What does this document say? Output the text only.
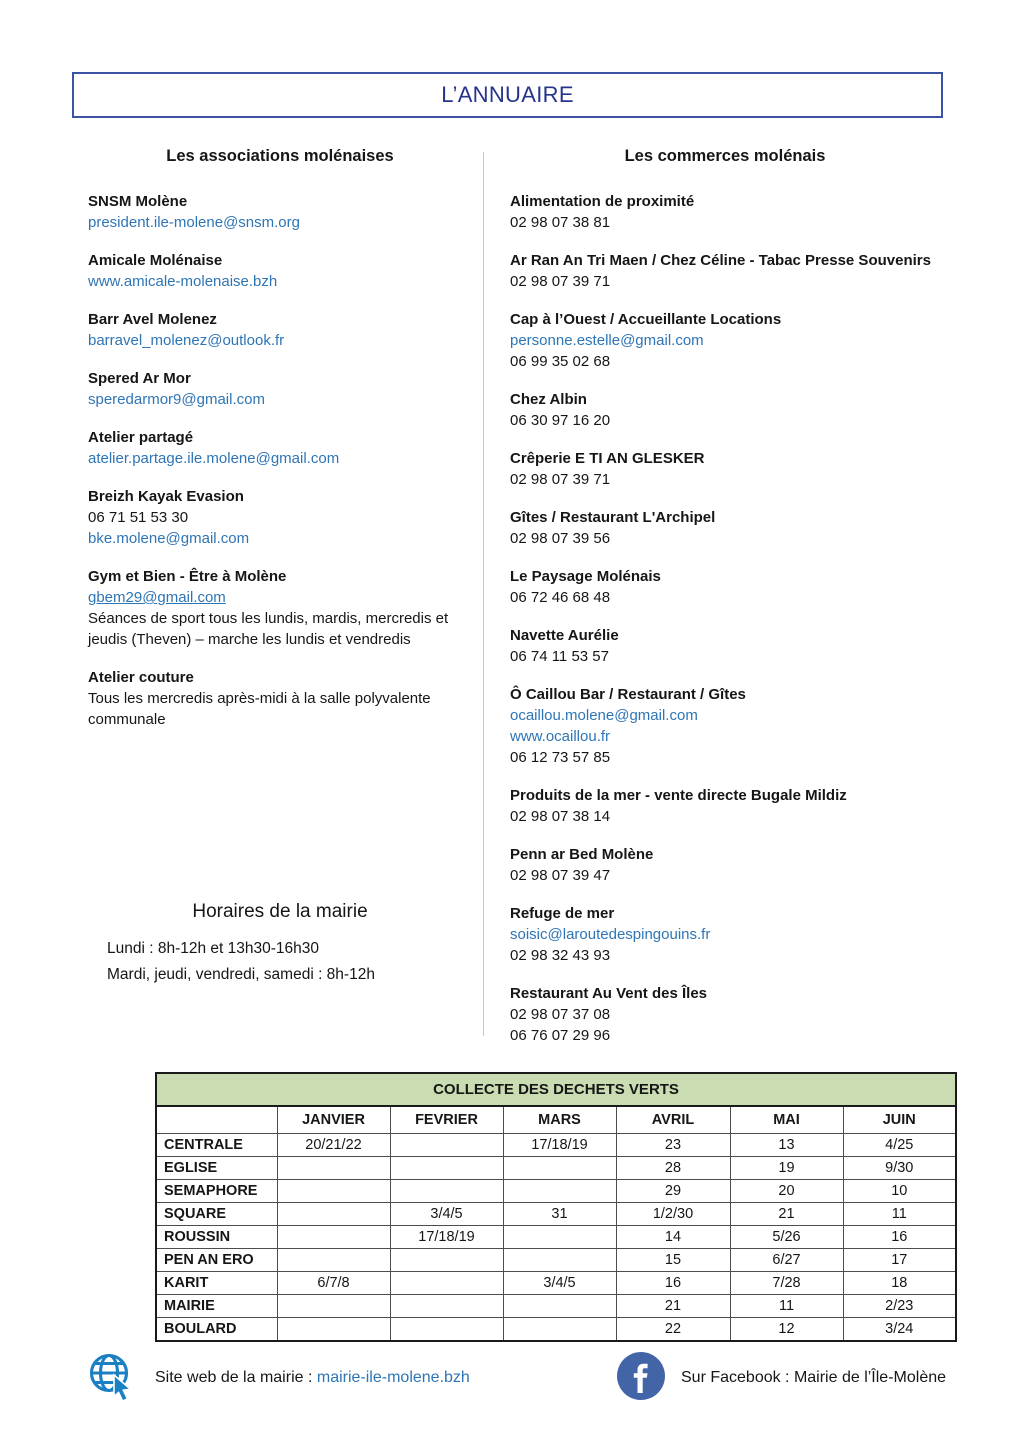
L’ANNUAIRE
Les associations molénaises	Les commerces molénais
SNSM Molène
president.ile-molene@snsm.org
Amicale Molénaise
www.amicale-molenaise.bzh
Barr Avel Molenez
barravel_molenez@outlook.fr
Spered Ar Mor
speredarmor9@gmail.com
Atelier partagé
atelier.partage.ile.molene@gmail.com
Breizh Kayak Evasion
06 71 51 53 30
bke.molene@gmail.com
Gym et Bien - Être à Molène
gbem29@gmail.com
Séances de sport tous les lundis, mardis, mercredis et jeudis (Theven) – marche les lundis et vendredis
Atelier couture
Tous les mercredis après-midi à la salle polyvalente communale
Alimentation de proximité
02 98 07 38 81
Ar Ran An Tri Maen / Chez Céline - Tabac Presse Souvenirs
02 98 07 39 71
Cap à l’Ouest / Accueillante Locations
personne.estelle@gmail.com
06 99 35 02 68
Chez Albin
06 30 97 16 20
Crêperie E TI AN GLESKER
02 98 07 39 71
Gîtes / Restaurant L'Archipel
02 98 07 39 56
Le Paysage Molénais
06 72 46 68 48
Navette Aurélie
06 74 11 53 57
Ô Caillou Bar / Restaurant / Gîtes
ocaillou.molene@gmail.com
www.ocaillou.fr
06 12 73 57 85
Produits de la mer - vente directe Bugale Mildiz
02 98 07 38 14
Penn ar Bed Molène
02 98 07 39 47
Refuge de mer
soisic@laroutedespingouins.fr
02 98 32 43 93
Restaurant Au Vent des Îles
02 98 07 37 08
06 76 07 29 96
Horaires de la mairie
Lundi : 8h-12h et 13h30-16h30
Mardi, jeudi, vendredi, samedi : 8h-12h
COLLECTE DES DECHETS VERTS						
	JANVIER	FEVRIER	MARS	AVRIL	MAI	JUIN
CENTRALE	20/21/22		17/18/19	23	13	4/25
EGLISE				28	19	9/30
SEMAPHORE				29	20	10
SQUARE		3/4/5	31	1/2/30	21	11
ROUSSIN		17/18/19		14	5/26	16
PEN AN ERO				15	6/27	17
KARIT	6/7/8		3/4/5	16	7/28	18
MAIRIE				21	11	2/23
BOULARD				22	12	3/24
Site web de la mairie : mairie-ile-molene.bzh	Sur Facebook : Mairie de l’Île-Molène
